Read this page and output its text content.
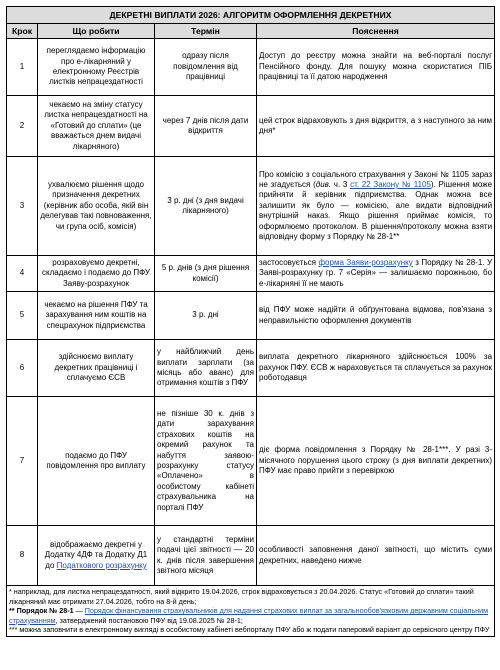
ДЕКРЕТНІ ВИПЛАТИ 2026: АЛГОРИТМ ОФОРМЛЕННЯ ДЕКРЕТНИХ			
Крок	Що робити	Термін	Пояснення
1	переглядаємо інформацію про е-лікарняний у електронному Реєстрів листків непрацездатності	одразу після повідомлення від працівниці	Доступ до реєстру можна знайти на веб-порталі послуг Пенсійного фонду. Для пошуку можна скористатися ПІБ працівниці та її датою народження
2	чекаємо на зміну статусу листка непрацездатності на «Готовий до сплати» (це вважається днем видачі лікарняного)	через 7 днів після дати відкриття	цей строк відраховують з дня відкриття, а з наступного за ним дня*
3	ухвалюємо рішення щодо призначення декретних (керівник або особа, якій він делегував такі повноваження, чи група осіб, комісія)	3 р. дні (з дня видачі лікарняного)	Про комісію з соціального страхування у Законі № 1105 зараз не згадується (див. ч. 3 ст. 22 Закону № 1105). Рішення може прийняти й керівник підприємства. Однак можна все залишити як було — комісією, але видати відповідний внутрішній наказ. Якщо рішення приймає комісія, то оформлюємо протоколом. В рішення/протоколу можна взяти відповідну форму з Порядку № 28-1**
4	розраховуємо декретні, складаємо і подаємо до ПФУ Заяву-розрахунок	5 р. днів (з дня рішення комісії)	застосовується форма Заяви-розрахунку з Порядку № 28-1. У Заяві-розрахунку гр. 7 «Серія» — залишаємо порожньою, бо е-лікарняні її не мають
5	чекаємо на рішення ПФУ та зарахування ним коштів на спецрахунок підприємства	3 р. дні	від ПФУ може надійти й обґрунтована відмова, пов'язана з неправильністю оформлення документів
6	здійснюємо виплату декретних працівниці і сплачуємо ЄСВ	у найближчий день виплати зарплати (за місяць або аванс) для отримання коштів з ПФУ	виплата декретного лікарняного здійснюється 100% за рахунок ПФУ. ЄСВ ж нараховується та сплачується за рахунок роботодавця
7	подаємо до ПФУ повідомлення про виплату	не пізніше 30 к. днів з дати зарахування страхових коштів на окремий рахунок та набуття заявою-розрахунку статусу «Оплачено» в особистому кабінеті страхувальника на порталі ПФУ	діє форма повідомлення з Порядку № 28-1***. У разі 3-місячного порушення цього строку (з дня виплати декретних) ПФУ має право прийти з перевіркою
8	відображаємо декретні у Додатку 4ДФ та Додатку Д1 до Податкового розрахунку	у стандартні терміни подачі цієї звітності — 20 к. днів після завершення звітного місяця	особливості заповнення даної звітності, що містить суми декретних, наведено нижче

* наприклад, для листка непрацездатності, який відкрито 19.04.2026, строк відраховується з 20.04.2026. Статус «Готовий до сплати» такий лікарняний має отримати 27.04.2026, тобто на 8-й день;
** Порядок № 28-1 — Порядок фінансування страхувальників для надання страхових виплат за загальнообов'язковим державним соціальним страхуванням, затверджений постановою ПФУ від 19.08.2025 № 28-1;
*** можна заповнити в електронному вигляді в особистому кабінеті вебпорталу ПФУ або ж подати паперовий варіант до сервісного центру ПФУ			
